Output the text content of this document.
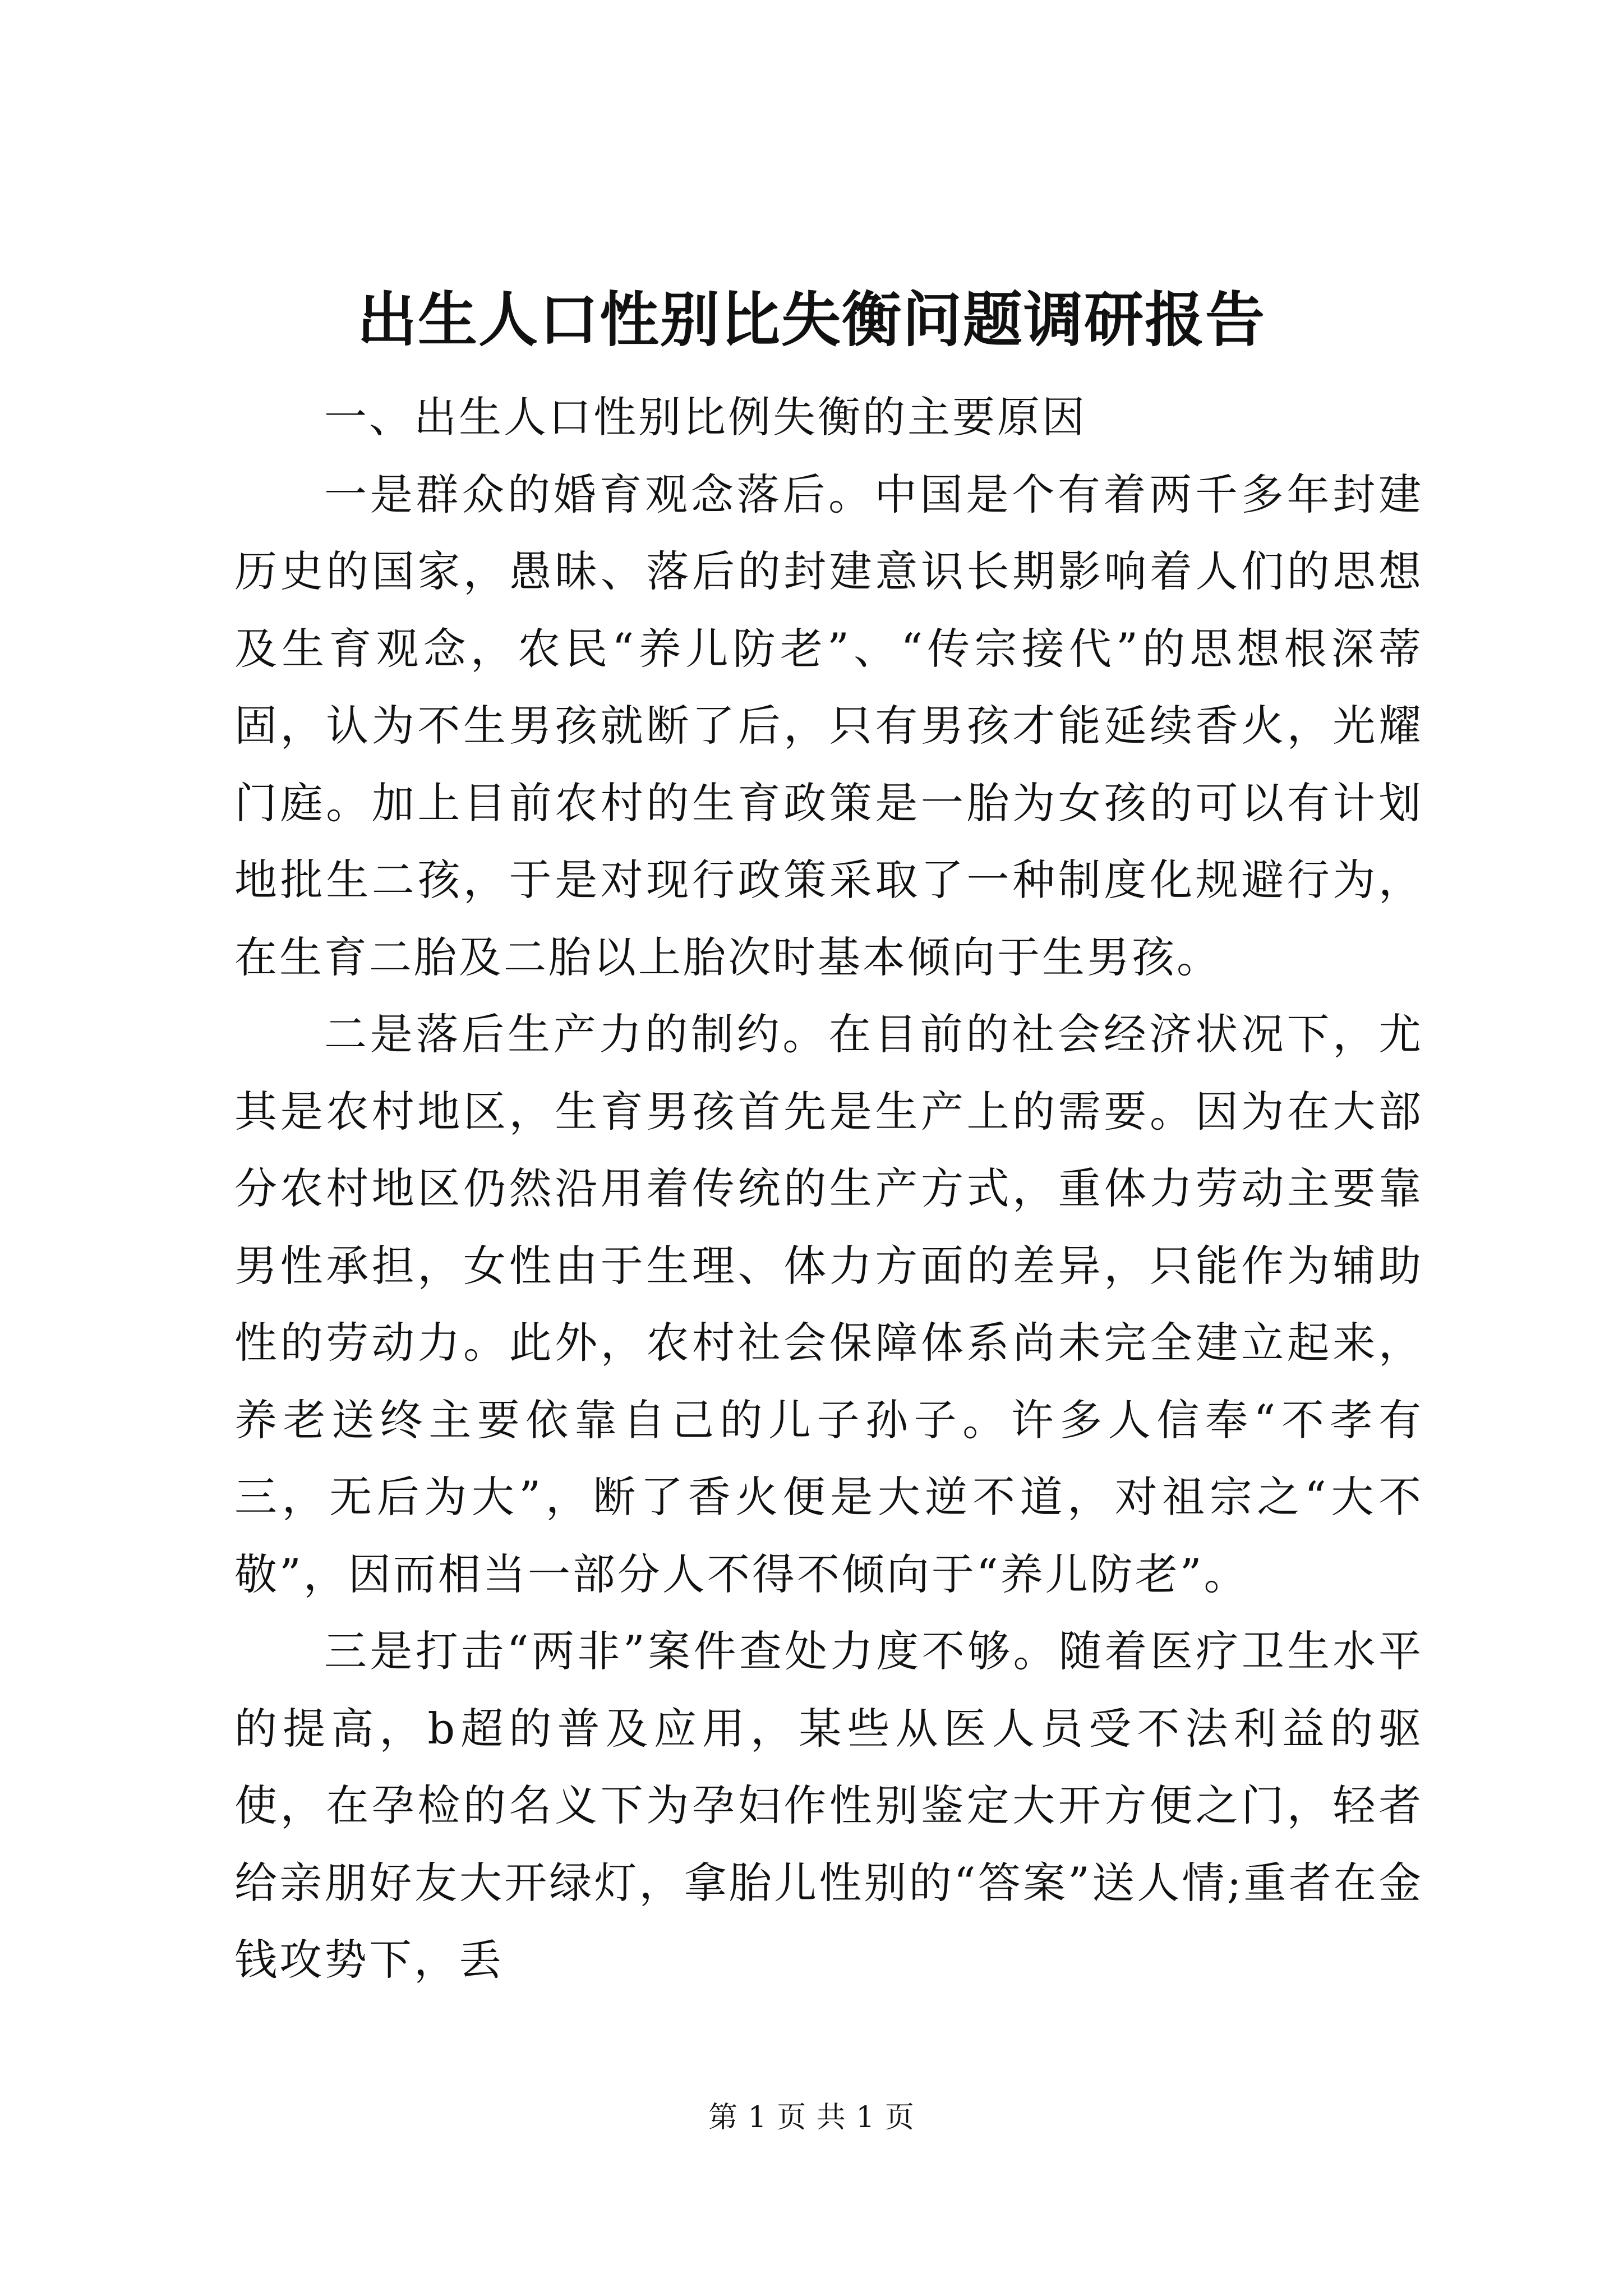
出生人口性别比失衡问题调研报告

一、出生人口性别比例失衡的主要原因

一是群众的婚育观念落后。中国是个有着两千多年封建历史的国家，愚昧、落后的封建意识长期影响着人们的思想及生育观念，农民“养儿防老”、“传宗接代”的思想根深蒂固，认为不生男孩就断了后，只有男孩才能延续香火，光耀门庭。加上目前农村的生育政策是一胎为女孩的可以有计划地批生二孩，于是对现行政策采取了一种制度化规避行为，在生育二胎及二胎以上胎次时基本倾向于生男孩。

二是落后生产力的制约。在目前的社会经济状况下，尤其是农村地区，生育男孩首先是生产上的需要。因为在大部分农村地区仍然沿用着传统的生产方式，重体力劳动主要靠男性承担，女性由于生理、体力方面的差异，只能作为辅助性的劳动力。此外，农村社会保障体系尚未完全建立起来，养老送终主要依靠自己的儿子孙子。许多人信奉“不孝有三，无后为大”，断了香火便是大逆不道，对祖宗之“大不敬”，因而相当一部分人不得不倾向于“养儿防老”。

三是打击“两非”案件查处力度不够。随着医疗卫生水平的提高，b超的普及应用，某些从医人员受不法利益的驱使，在孕检的名义下为孕妇作性别鉴定大开方便之门，轻者给亲朋好友大开绿灯，拿胎儿性别的“答案”送人情;重者在金钱攻势下，丢

第 1 页 共 1 页
